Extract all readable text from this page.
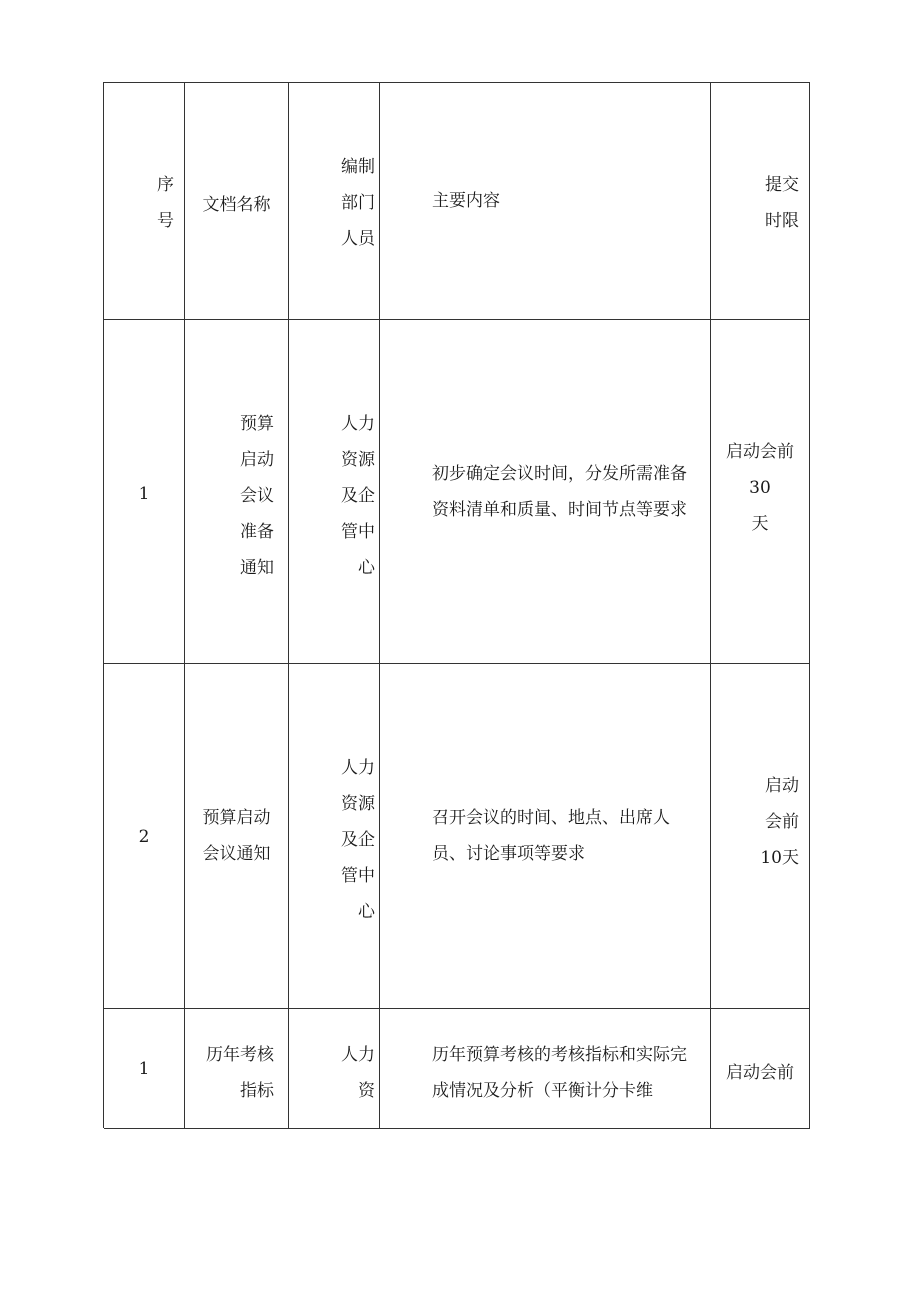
序
号
文档名称
编制
部门
人员
主要内容
提交
时限
1
预算
启动
会议
准备
通知
人力
资源
及企
管中
心
初步确定会议时间，分发所需准备
资料清单和质量、时间节点等要求
启动会前
30
天
2
预算启动
会议通知
人力
资源
及企
管中
心
召开会议的时间、地点、出席人
员、讨论事项等要求
启动
会前
10天
1
历年考核
指标
人力
资
历年预算考核的考核指标和实际完
成情况及分析（平衡计分卡维
启动会前
